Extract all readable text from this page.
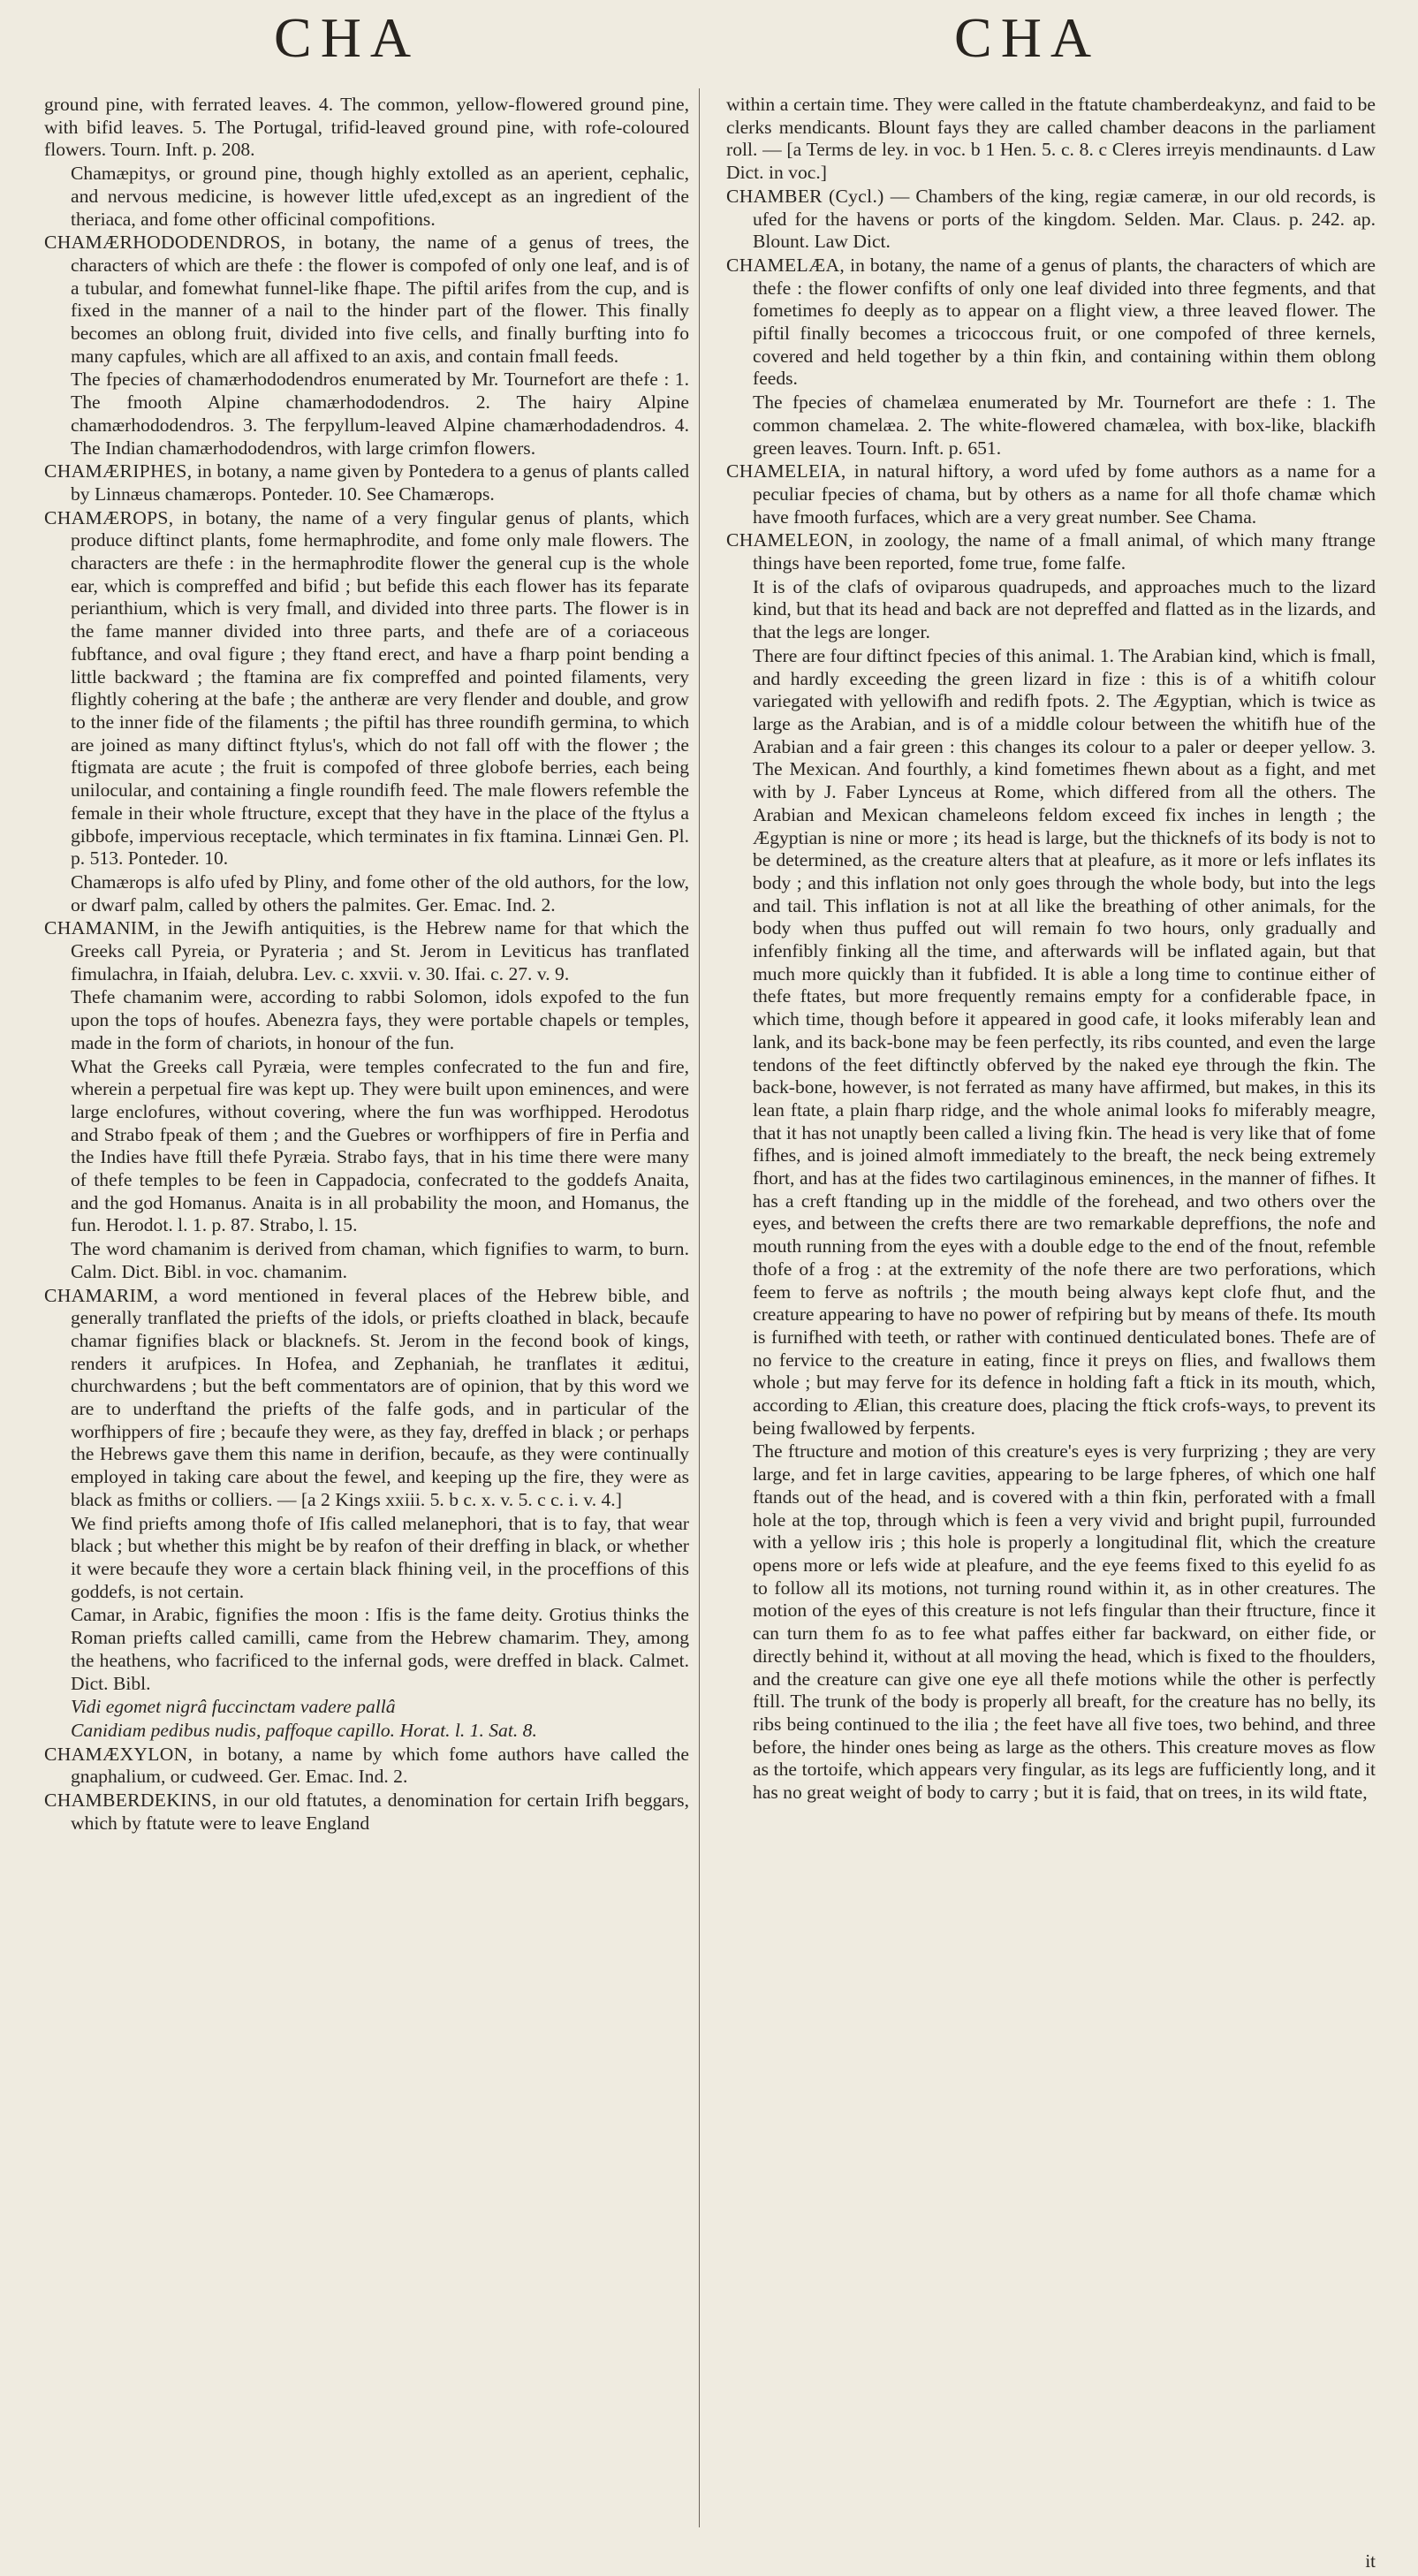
CHA	CHA

ground pine, with ferrated leaves. 4. The common, yellow-flowered ground pine, with bifid leaves. 5. The Portugal, trifid-leaved ground pine, with rofe-coloured flowers. Tourn. Inft. p. 208.

Chamæpitys, or ground pine, though highly extolled as an aperient, cephalic, and nervous medicine, is however little ufed,except as an ingredient of the theriaca, and fome other officinal compofitions.

CHAMÆRHODODENDROS, in botany, the name of a genus of trees, the characters of which are thefe : the flower is compofed of only one leaf, and is of a tubular, and fomewhat funnel-like fhape. The piftil arifes from the cup, and is fixed in the manner of a nail to the hinder part of the flower. This finally becomes an oblong fruit, divided into five cells, and finally burfting into fo many capfules, which are all affixed to an axis, and contain fmall feeds.

The fpecies of chamærhododendros enumerated by Mr. Tournefort are thefe : 1. The fmooth Alpine chamærhododendros. 2. The hairy Alpine chamærhododendros. 3. The ferpyllum-leaved Alpine chamærhodadendros. 4. The Indian chamærhododendros, with large crimfon flowers.

CHAMÆRIPHES, in botany, a name given by Pontedera to a genus of plants called by Linnæus chamærops. Ponteder. 10. See Chamærops.

CHAMÆROPS, in botany, the name of a very fingular genus of plants, which produce diftinct plants, fome hermaphrodite, and fome only male flowers. The characters are thefe : in the hermaphrodite flower the general cup is the whole ear, which is compreffed and bifid ; but befide this each flower has its feparate perianthium, which is very fmall, and divided into three parts. The flower is in the fame manner divided into three parts, and thefe are of a coriaceous fubftance, and oval figure ; they ftand erect, and have a fharp point bending a little backward ; the ftamina are fix compreffed and pointed filaments, very flightly cohering at the bafe ; the antheræ are very flender and double, and grow to the inner fide of the filaments ; the piftil has three roundifh germina, to which are joined as many diftinct ftylus's, which do not fall off with the flower ; the ftigmata are acute ; the fruit is compofed of three globofe berries, each being unilocular, and containing a fingle roundifh feed. The male flowers refemble the female in their whole ftructure, except that they have in the place of the ftylus a gibbofe, impervious receptacle, which terminates in fix ftamina. Linnæi Gen. Pl. p. 513. Ponteder. 10.

Chamærops is alfo ufed by Pliny, and fome other of the old authors, for the low, or dwarf palm, called by others the palmites. Ger. Emac. Ind. 2.

CHAMANIM, in the Jewifh antiquities, is the Hebrew name for that which the Greeks call Pyreia, or Pyrateria ; and St. Jerom in Leviticus has tranflated fimulachra, in Ifaiah, delubra. Lev. c. xxvii. v. 30. Ifai. c. 27. v. 9.

Thefe chamanim were, according to rabbi Solomon, idols expofed to the fun upon the tops of houfes. Abenezra fays, they were portable chapels or temples, made in the form of chariots, in honour of the fun.

What the Greeks call Pyræia, were temples confecrated to the fun and fire, wherein a perpetual fire was kept up. They were built upon eminences, and were large enclofures, without covering, where the fun was worfhipped. Herodotus and Strabo fpeak of them ; and the Guebres or worfhippers of fire in Perfia and the Indies have ftill thefe Pyræia. Strabo fays, that in his time there were many of thefe temples to be feen in Cappadocia, confecrated to the goddefs Anaita, and the god Homanus. Anaita is in all probability the moon, and Homanus, the fun. Herodot. l. 1. p. 87. Strabo, l. 15.

The word chamanim is derived from chaman, which fignifies to warm, to burn. Calm. Dict. Bibl. in voc. chamanim.

CHAMARIM, a word mentioned in feveral places of the Hebrew bible, and generally tranflated the priefts of the idols, or priefts cloathed in black, becaufe chamar fignifies black or blacknefs. St. Jerom in the fecond book of kings, renders it arufpices. In Hofea, and Zephaniah, he tranflates it æditui, churchwardens ; but the beft commentators are of opinion, that by this word we are to underftand the priefts of the falfe gods, and in particular of the worfhippers of fire ; becaufe they were, as they fay, dreffed in black ; or perhaps the Hebrews gave them this name in derifion, becaufe, as they were continually employed in taking care about the fewel, and keeping up the fire, they were as black as fmiths or colliers. — [a 2 Kings xxiii. 5. b c. x. v. 5. c c. i. v. 4.]

We find priefts among thofe of Ifis called melanephori, that is to fay, that wear black ; but whether this might be by reafon of their dreffing in black, or whether it were becaufe they wore a certain black fhining veil, in the proceffions of this goddefs, is not certain.

Camar, in Arabic, fignifies the moon : Ifis is the fame deity. Grotius thinks the Roman priefts called camilli, came from the Hebrew chamarim. They, among the heathens, who facrificed to the infernal gods, were dreffed in black. Calmet. Dict. Bibl.

Vidi egomet nigrâ fuccinctam vadere pallâ

Canidiam pedibus nudis, paffoque capillo. Horat. l. 1. Sat. 8.

CHAMÆXYLON, in botany, a name by which fome authors have called the gnaphalium, or cudweed. Ger. Emac. Ind. 2.

CHAMBERDEKINS, in our old ftatutes, a denomination for certain Irifh beggars, which by ftatute were to leave England

within a certain time. They were called in the ftatute chamberdeakynz, and faid to be clerks mendicants. Blount fays they are called chamber deacons in the parliament roll. — [a Terms de ley. in voc. b 1 Hen. 5. c. 8. c Cleres irreyis mendinaunts. d Law Dict. in voc.]

CHAMBER (Cycl.) — Chambers of the king, regiæ cameræ, in our old records, is ufed for the havens or ports of the kingdom. Selden. Mar. Claus. p. 242. ap. Blount. Law Dict.

CHAMELÆA, in botany, the name of a genus of plants, the characters of which are thefe : the flower confifts of only one leaf divided into three fegments, and that fometimes fo deeply as to appear on a flight view, a three leaved flower. The piftil finally becomes a tricoccous fruit, or one compofed of three kernels, covered and held together by a thin fkin, and containing within them oblong feeds.

The fpecies of chamelæa enumerated by Mr. Tournefort are thefe : 1. The common chamelæa. 2. The white-flowered chamælea, with box-like, blackifh green leaves. Tourn. Inft. p. 651.

CHAMELEIA, in natural hiftory, a word ufed by fome authors as a name for a peculiar fpecies of chama, but by others as a name for all thofe chamæ which have fmooth furfaces, which are a very great number. See Chama.

CHAMELEON, in zoology, the name of a fmall animal, of which many ftrange things have been reported, fome true, fome falfe.

It is of the clafs of oviparous quadrupeds, and approaches much to the lizard kind, but that its head and back are not depreffed and flatted as in the lizards, and that the legs are longer.

There are four diftinct fpecies of this animal. 1. The Arabian kind, which is fmall, and hardly exceeding the green lizard in fize : this is of a whitifh colour variegated with yellowifh and redifh fpots. 2. The Ægyptian, which is twice as large as the Arabian, and is of a middle colour between the whitifh hue of the Arabian and a fair green : this changes its colour to a paler or deeper yellow. 3. The Mexican. And fourthly, a kind fometimes fhewn about as a fight, and met with by J. Faber Lynceus at Rome, which differed from all the others. The Arabian and Mexican chameleons feldom exceed fix inches in length ; the Ægyptian is nine or more ; its head is large, but the thicknefs of its body is not to be determined, as the creature alters that at pleafure, as it more or lefs inflates its body ; and this inflation not only goes through the whole body, but into the legs and tail. This inflation is not at all like the breathing of other animals, for the body when thus puffed out will remain fo two hours, only gradually and infenfibly finking all the time, and afterwards will be inflated again, but that much more quickly than it fubfided. It is able a long time to continue either of thefe ftates, but more frequently remains empty for a confiderable fpace, in which time, though before it appeared in good cafe, it looks miferably lean and lank, and its back-bone may be feen perfectly, its ribs counted, and even the large tendons of the feet diftinctly obferved by the naked eye through the fkin. The back-bone, however, is not ferrated as many have affirmed, but makes, in this its lean ftate, a plain fharp ridge, and the whole animal looks fo miferably meagre, that it has not unaptly been called a living fkin. The head is very like that of fome fifhes, and is joined almoft immediately to the breaft, the neck being extremely fhort, and has at the fides two cartilaginous eminences, in the manner of fifhes. It has a creft ftanding up in the middle of the forehead, and two others over the eyes, and between the crefts there are two remarkable depreffions, the nofe and mouth running from the eyes with a double edge to the end of the fnout, refemble thofe of a frog : at the extremity of the nofe there are two perforations, which feem to ferve as noftrils ; the mouth being always kept clofe fhut, and the creature appearing to have no power of refpiring but by means of thefe. Its mouth is furnifhed with teeth, or rather with continued denticulated bones. Thefe are of no fervice to the creature in eating, fince it preys on flies, and fwallows them whole ; but may ferve for its defence in holding faft a ftick in its mouth, which, according to Ælian, this creature does, placing the ftick crofs-ways, to prevent its being fwallowed by ferpents.

The ftructure and motion of this creature's eyes is very furprizing ; they are very large, and fet in large cavities, appearing to be large fpheres, of which one half ftands out of the head, and is covered with a thin fkin, perforated with a fmall hole at the top, through which is feen a very vivid and bright pupil, furrounded with a yellow iris ; this hole is properly a longitudinal flit, which the creature opens more or lefs wide at pleafure, and the eye feems fixed to this eyelid fo as to follow all its motions, not turning round within it, as in other creatures. The motion of the eyes of this creature is not lefs fingular than their ftructure, fince it can turn them fo as to fee what paffes either far backward, on either fide, or directly behind it, without at all moving the head, which is fixed to the fhoulders, and the creature can give one eye all thefe motions while the other is perfectly ftill. The trunk of the body is properly all breaft, for the creature has no belly, its ribs being continued to the ilia ; the feet have all five toes, two behind, and three before, the hinder ones being as large as the others. This creature moves as flow as the tortoife, which appears very fingular, as its legs are fufficiently long, and it has no great weight of body to carry ; but it is faid, that on trees, in its wild ftate,

it
